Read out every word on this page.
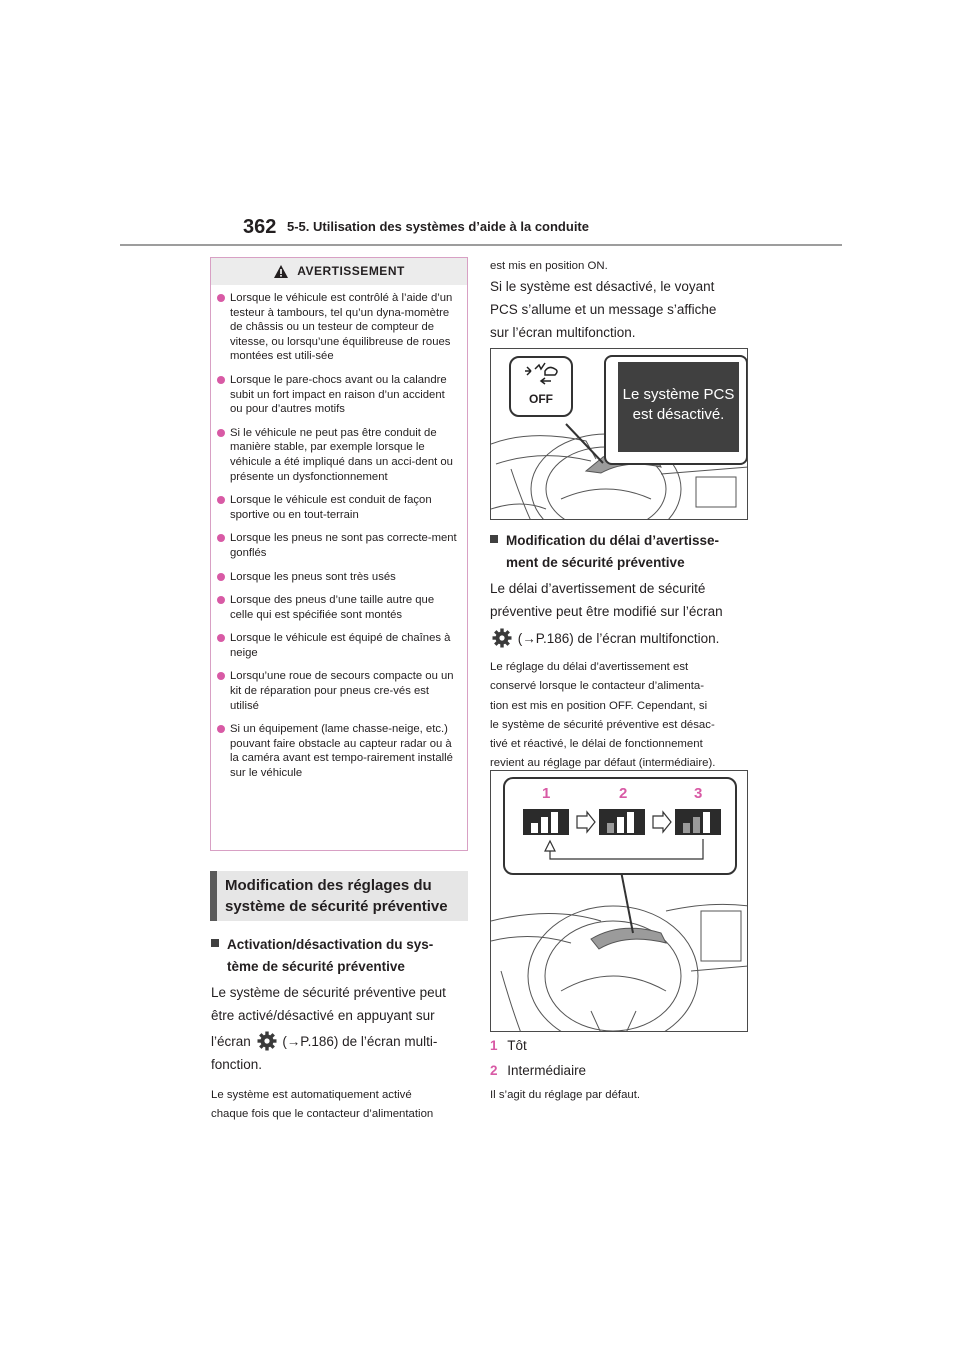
362 5-5. Utilisation des systèmes d’aide à la conduite
AVERTISSEMENT
Lorsque le véhicule est contrôlé à l’aide d’un testeur à tambours, tel qu’un dyna-momètre de châssis ou un testeur de compteur de vitesse, ou lorsqu’une équilibreuse de roues montées est utili-sée
Lorsque le pare-chocs avant ou la calandre subit un fort impact en raison d’un accident ou pour d’autres motifs
Si le véhicule ne peut pas être conduit de manière stable, par exemple lorsque le véhicule a été impliqué dans un acci-dent ou présente un dysfonctionnement
Lorsque le véhicule est conduit de façon sportive ou en tout-terrain
Lorsque les pneus ne sont pas correcte-ment gonflés
Lorsque les pneus sont très usés
Lorsque des pneus d’une taille autre que celle qui est spécifiée sont montés
Lorsque le véhicule est équipé de chaînes à neige
Lorsqu’une roue de secours compacte ou un kit de réparation pour pneus cre-vés est utilisé
Si un équipement (lame chasse-neige, etc.) pouvant faire obstacle au capteur radar ou à la caméra avant est tempo-rairement installé sur le véhicule
Modification des réglages du
système de sécurité préventive
Activation/désactivation du sys-
tème de sécurité préventive
Le système de sécurité préventive peut
être activé/désactivé en appuyant sur
l’écran (→P.186) de l’écran multi-
fonction.
Le système est automatiquement activé
chaque fois que le contacteur d’alimentation
est mis en position ON.
Si le système est désactivé, le voyant
PCS s’allume et un message s’affiche
sur l’écran multifonction.
OFF	Le système PCS
est désactivé.
Modification du délai d’avertisse-
ment de sécurité préventive
Le délai d’avertissement de sécurité
préventive peut être modifié sur l’écran
(→P.186) de l’écran multifonction.
Le réglage du délai d’avertissement est
conservé lorsque le contacteur d’alimenta-
tion est mis en position OFF. Cependant, si
le système de sécurité préventive est désac-
tivé et réactivé, le délai de fonctionnement
revient au réglage par défaut (intermédiaire).
1	2	3
1 Tôt
2 Intermédiaire
Il s’agit du réglage par défaut.
